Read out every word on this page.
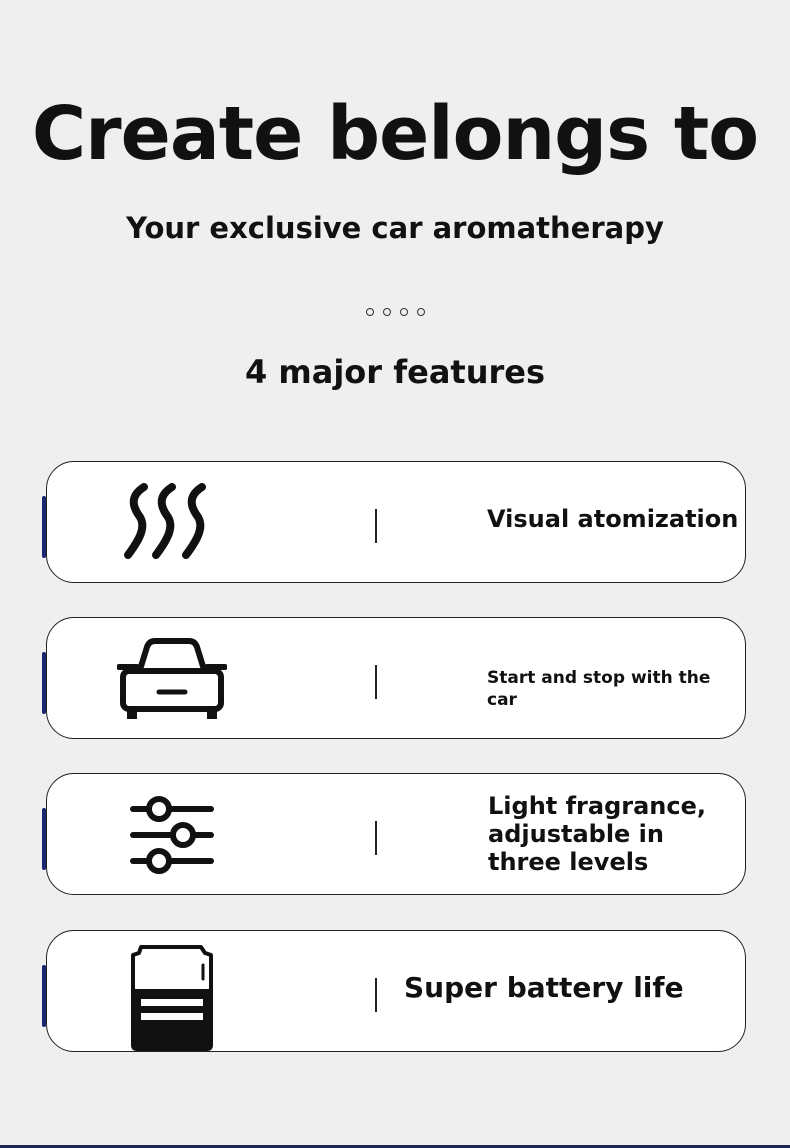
Create belongs to
Your exclusive car aromatherapy
4 major features
Visual atomization
Start and stop with the car
Light fragrance, adjustable in three levels
Super battery life
